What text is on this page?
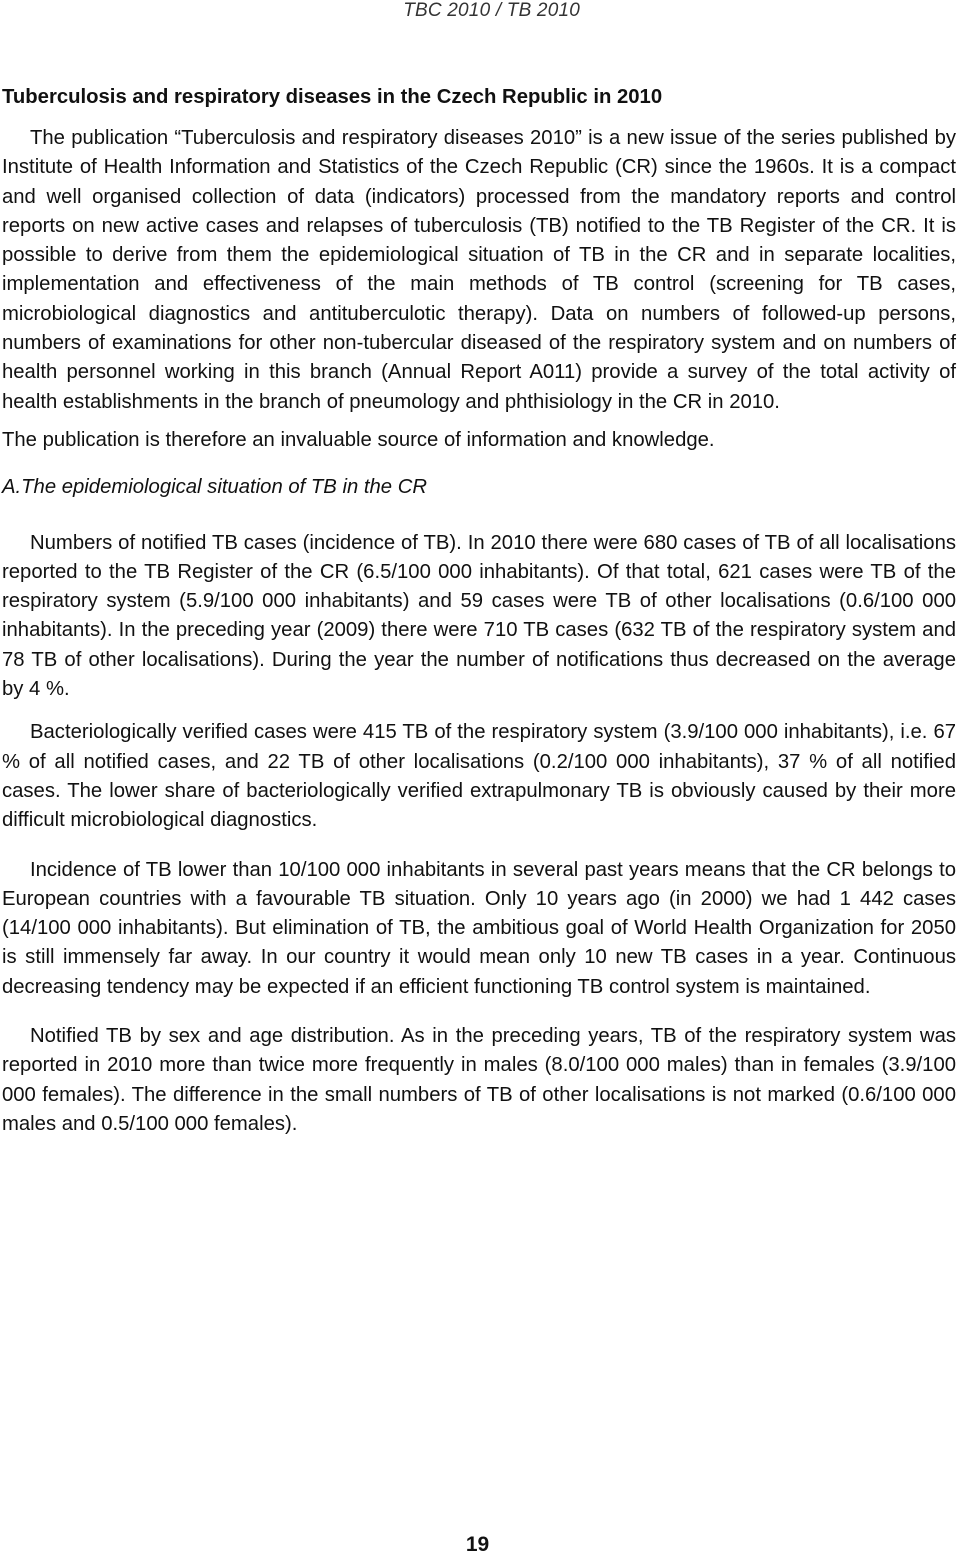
TBC 2010 / TB 2010
Tuberculosis and respiratory diseases in the Czech Republic in 2010

The publication “Tuberculosis and respiratory diseases 2010” is a new issue of the series published by Institute of Health Information and Statistics of the Czech Republic (CR) since the 1960s. It is a compact and well organised collection of data (indicators) processed from the mandatory reports and control reports on new active cases and relapses of tuberculosis (TB) notified to the TB Register of the CR. It is possible to derive from them the epidemiological situation of TB in the CR and in separate localities, implementation and effectiveness of the main methods of TB control (screening for TB cases, microbiological diagnostics and antituberculotic therapy). Data on numbers of followed-up persons, numbers of examinations for other non-tubercular diseased of the respiratory system and on numbers of health personnel working in this branch (Annual Report A011) provide a survey of the total activity of health establishments in the branch of pneumology and phthisiology in the CR in 2010.

The publication is therefore an invaluable source of information and knowledge.

A.The epidemiological situation of TB in the CR

Numbers of notified TB cases (incidence of TB). In 2010 there were 680 cases of TB of all localisations reported to the TB Register of the CR (6.5/100 000 inhabitants). Of that total, 621 cases were TB of the respiratory system (5.9/100 000 inhabitants) and 59 cases were TB of other localisations (0.6/100 000 inhabitants). In the preceding year (2009) there were 710 TB cases (632 TB of the respiratory system and 78 TB of other localisations). During the year the number of notifications thus decreased on the average by 4 %.

Bacteriologically verified cases were 415 TB of the respiratory system (3.9/100 000 inhabitants), i.e. 67 % of all notified cases, and 22 TB of other localisations (0.2/100 000 inhabitants), 37 % of all notified cases. The lower share of bacteriologically verified extrapulmonary TB is obviously caused by their more difficult microbiological diagnostics.

Incidence of TB lower than 10/100 000 inhabitants in several past years means that the CR belongs to European countries with a favourable TB situation. Only 10 years ago (in 2000) we had 1 442 cases (14/100 000 inhabitants). But elimination of TB, the ambitious goal of World Health Organization for 2050 is still immensely far away. In our country it would mean only 10 new TB cases in a year. Continuous decreasing tendency may be expected if an efficient functioning TB control system is maintained.

Notified TB by sex and age distribution. As in the preceding years, TB of the respiratory system was reported in 2010 more than twice more frequently in males (8.0/100 000 males) than in females (3.9/100 000 females). The difference in the small numbers of TB of other localisations is not marked (0.6/100 000 males and 0.5/100 000 females).

19
